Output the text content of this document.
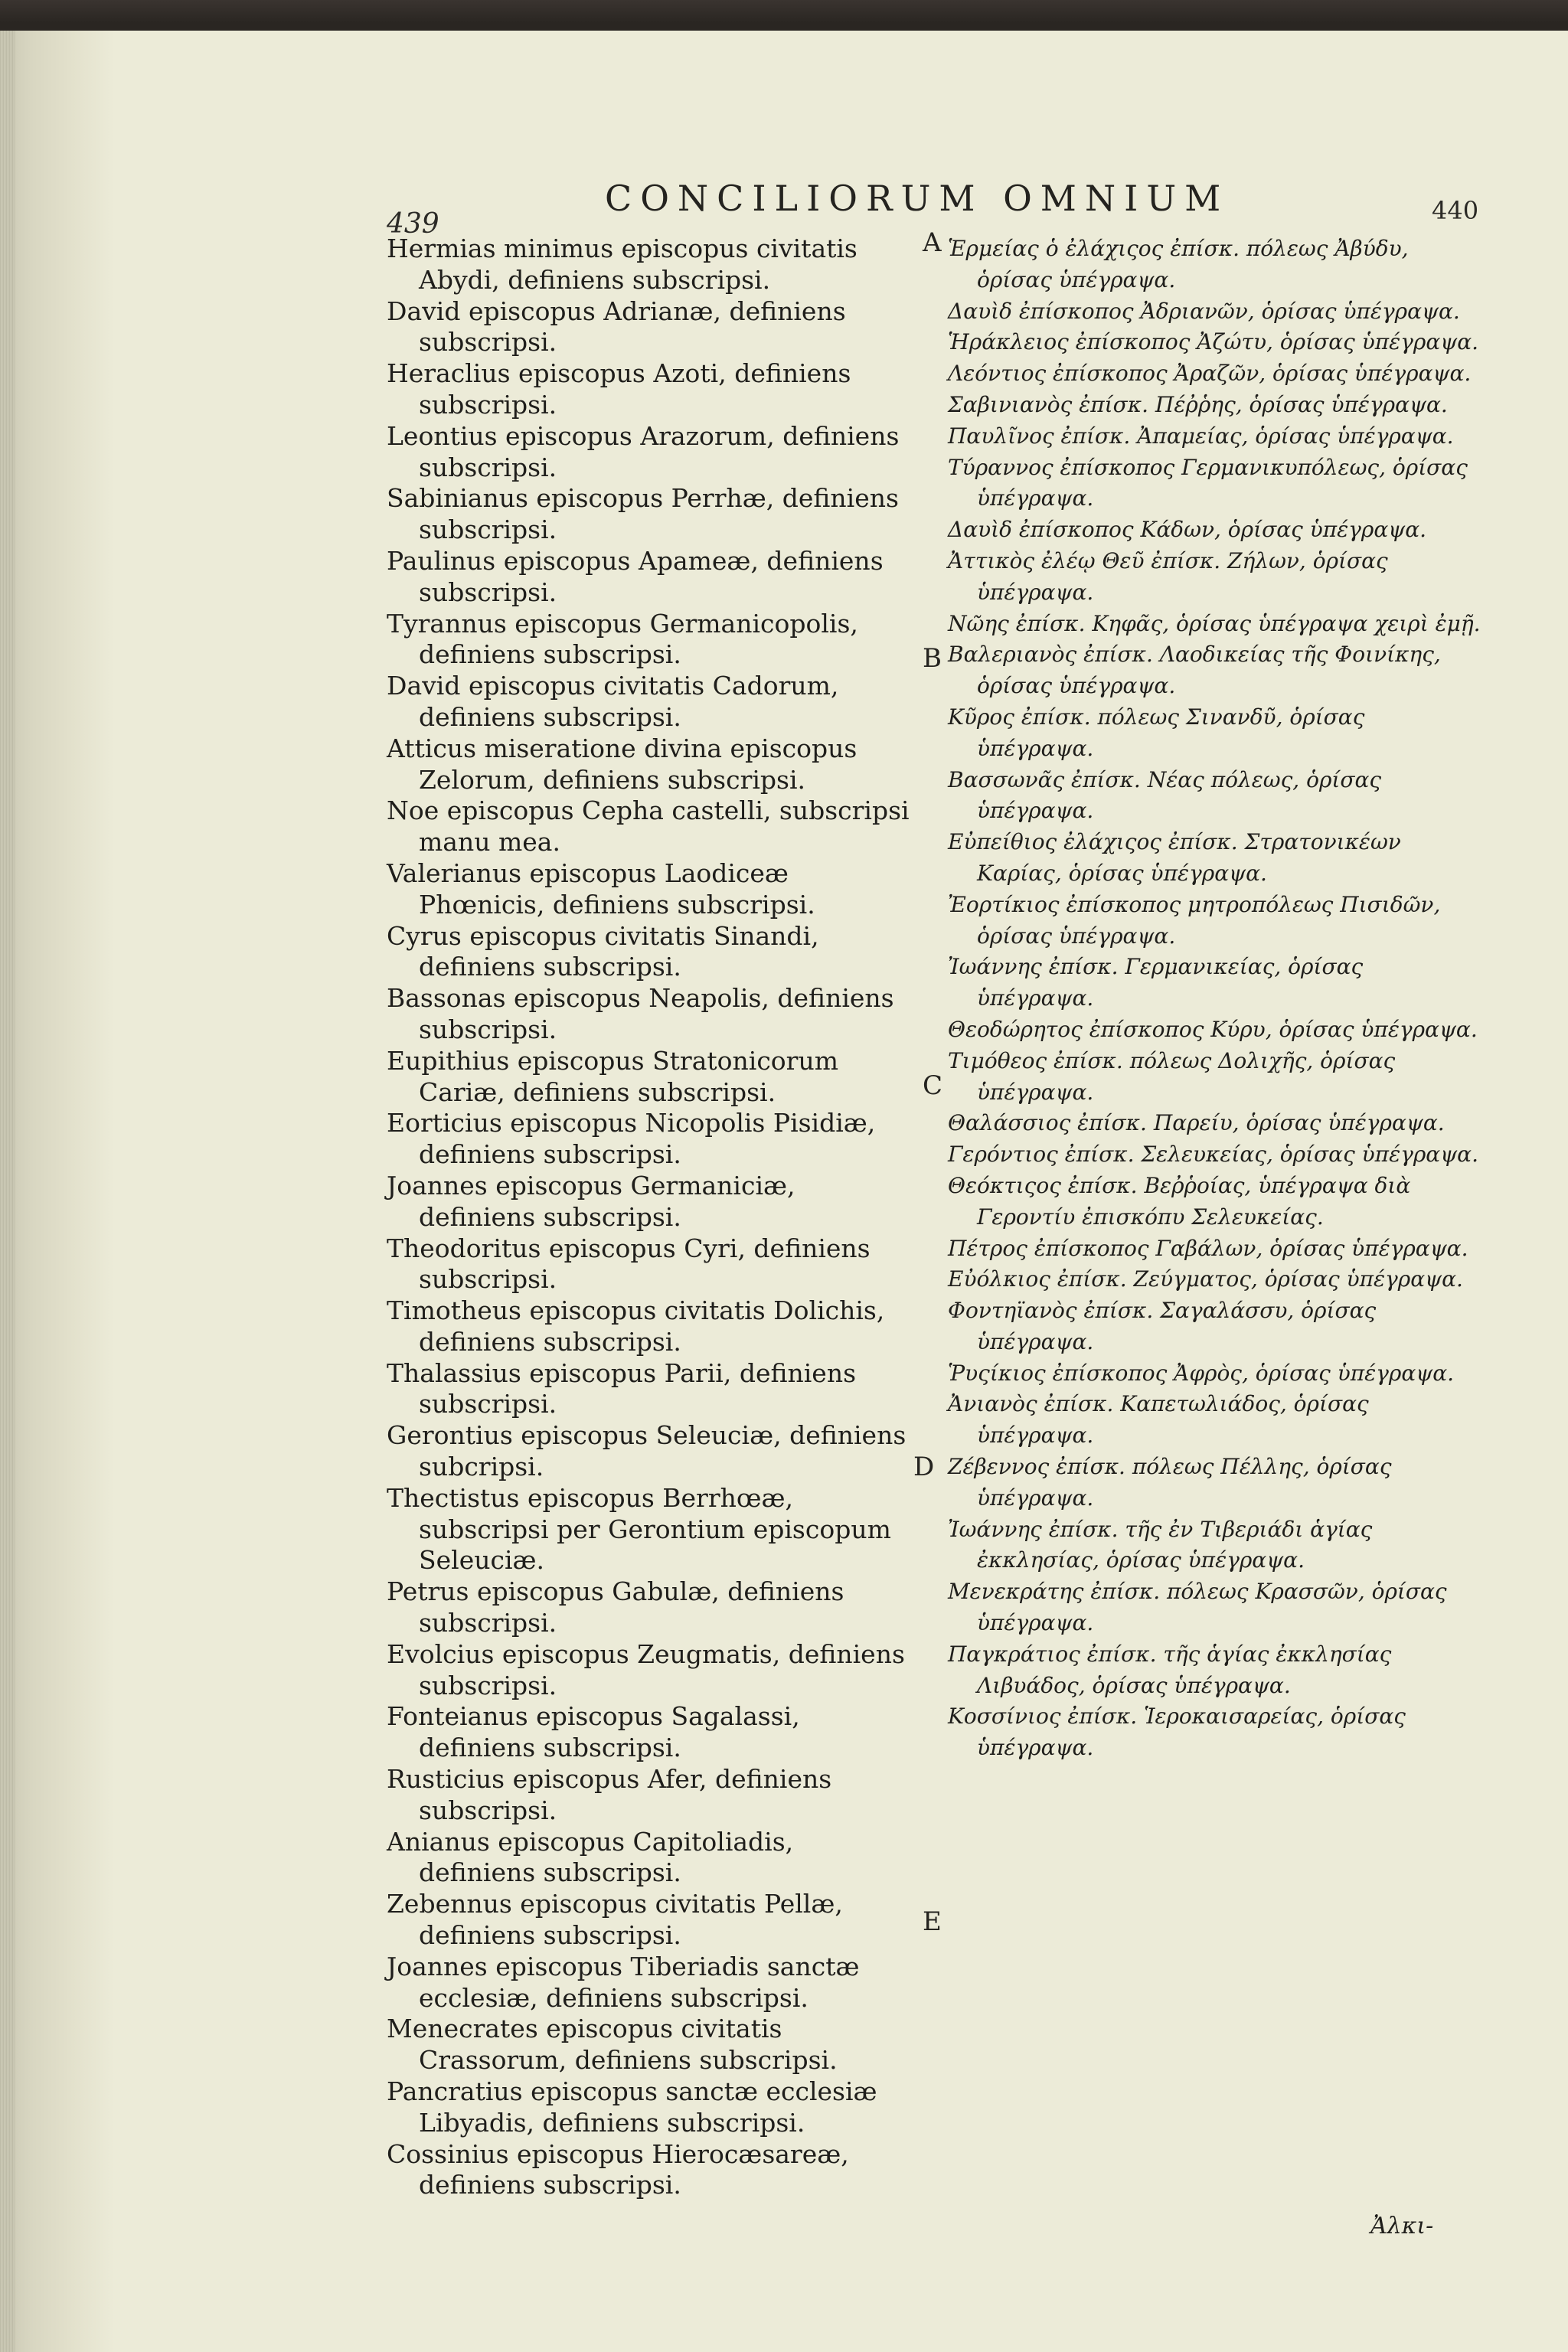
439
CONCILIORUM OMNIUM	440

Hermias minimus episcopus civitatis Abydi, definiens subscripsi.

David episcopus Adrianæ, definiens subscripsi.

Heraclius episcopus Azoti, definiens subscripsi.

Leontius episcopus Arazorum, definiens subscripsi.

Sabinianus episcopus Perrhæ, definiens subscripsi.

Paulinus episcopus Apameæ, definiens subscripsi.

Tyrannus episcopus Germanicopolis, definiens subscripsi.

David episcopus civitatis Cadorum, definiens subscripsi.

Atticus miseratione divina episcopus Zelorum, definiens subscripsi.

Noe episcopus Cepha castelli, subscripsi manu mea.

Valerianus episcopus Laodiceæ Phœnicis, definiens subscripsi.

Cyrus episcopus civitatis Sinandi, definiens subscripsi.

Bassonas episcopus Neapolis, definiens subscripsi.

Eupithius episcopus Stratonicorum Cariæ, definiens subscripsi.

Eorticius episcopus Nicopolis Pisidiæ, definiens subscripsi.

Joannes episcopus Germaniciæ, definiens subscripsi.

Theodoritus episcopus Cyri, definiens subscripsi.

Timotheus episcopus civitatis Dolichis, definiens subscripsi.

Thalassius episcopus Parii, definiens subscripsi.

Gerontius episcopus Seleuciæ, definiens subcripsi.

Thectistus episcopus Berrhœæ, subscripsi per Gerontium episcopum Seleuciæ.

Petrus episcopus Gabulæ, definiens subscripsi.

Evolcius episcopus Zeugmatis, definiens subscripsi.

Fonteianus episcopus Sagalassi, definiens subscripsi.

Rusticius episcopus Afer, definiens subscripsi.

Anianus episcopus Capitoliadis, definiens subscripsi.

Zebennus episcopus civitatis Pellæ, definiens subscripsi.

Joannes episcopus Tiberiadis sanctæ ecclesiæ, definiens subscripsi.

Menecrates episcopus civitatis Crassorum, definiens subscripsi.

Pancratius episcopus sanctæ ecclesiæ Libyadis, definiens subscripsi.

Cossinius episcopus Hierocæsareæ, definiens subscripsi.

Ἑρμείας ὁ ἐλάχιςος ἐπίσκ. πόλεως Ἀβύδυ, ὁρίσας ὑπέγραψα.

Δαυὶδ ἐπίσκοπος Ἀδριανῶν, ὁρίσας ὑπέγραψα.

Ἡράκλειος ἐπίσκοπος Ἀζώτυ, ὁρίσας ὑπέγραψα.

Λεόντιος ἐπίσκοπος Ἀραζῶν, ὁρίσας ὑπέγραψα.

Σαβινιανὸς ἐπίσκ. Πέῤῥης, ὁρίσας ὑπέγραψα.

Παυλῖνος ἐπίσκ. Ἀπαμείας, ὁρίσας ὑπέγραψα.

Τύραννος ἐπίσκοπος Γερμανικυπόλεως, ὁρίσας ὑπέγραψα.

Δαυὶδ ἐπίσκοπος Κάδων, ὁρίσας ὑπέγραψα.

Ἀττικὸς ἐλέῳ Θεῦ ἐπίσκ. Ζήλων, ὁρίσας ὑπέγραψα.

Νῶης ἐπίσκ. Κηφᾶς, ὁρίσας ὑπέγραψα χειρὶ ἐμῇ.

Βαλεριανὸς ἐπίσκ. Λαοδικείας τῆς Φοινίκης, ὁρίσας ὑπέγραψα.

Κῦρος ἐπίσκ. πόλεως Σινανδῦ, ὁρίσας ὑπέγραψα.

Βασσωνᾶς ἐπίσκ. Νέας πόλεως, ὁρίσας ὑπέγραψα.

Εὐπείθιος ἐλάχιςος ἐπίσκ. Στρατονικέων Καρίας, ὁρίσας ὑπέγραψα.

Ἐορτίκιος ἐπίσκοπος μητροπόλεως Πισιδῶν, ὁρίσας ὑπέγραψα.

Ἰωάννης ἐπίσκ. Γερμανικείας, ὁρίσας ὑπέγραψα.

Θεοδώρητος ἐπίσκοπος Κύρυ, ὁρίσας ὑπέγραψα.

Τιμόθεος ἐπίσκ. πόλεως Δολιχῆς, ὁρίσας ὑπέγραψα.

Θαλάσσιος ἐπίσκ. Παρείυ, ὁρίσας ὑπέγραψα.

Γερόντιος ἐπίσκ. Σελευκείας, ὁρίσας ὑπέγραψα.

Θεόκτιςος ἐπίσκ. Βεῤῥοίας, ὑπέγραψα διὰ Γεροντίυ ἐπισκόπυ Σελευκείας.

Πέτρος ἐπίσκοπος Γαβάλων, ὁρίσας ὑπέγραψα.

Εὐόλκιος ἐπίσκ. Ζεύγματος, ὁρίσας ὑπέγραψα.

Φοντηϊανὸς ἐπίσκ. Σαγαλάσσυ, ὁρίσας ὑπέγραψα.

Ῥυςίκιος ἐπίσκοπος Ἀφρὸς, ὁρίσας ὑπέγραψα.

Ἀνιανὸς ἐπίσκ. Καπετωλιάδος, ὁρίσας ὑπέγραψα.

Ζέβεννος ἐπίσκ. πόλεως Πέλλης, ὁρίσας ὑπέγραψα.

Ἰωάννης ἐπίσκ. τῆς ἐν Τιβεριάδι ἁγίας ἐκκλησίας, ὁρίσας ὑπέγραψα.

Μενεκράτης ἐπίσκ. πόλεως Κρασσῶν, ὁρίσας ὑπέγραψα.

Παγκράτιος ἐπίσκ. τῆς ἁγίας ἐκκλησίας Λιβυάδος, ὁρίσας ὑπέγραψα.

Κοσσίνιος ἐπίσκ. Ἱεροκαισαρείας, ὁρίσας ὑπέγραψα.

A
B
C
D
E
Ἀλκι-
